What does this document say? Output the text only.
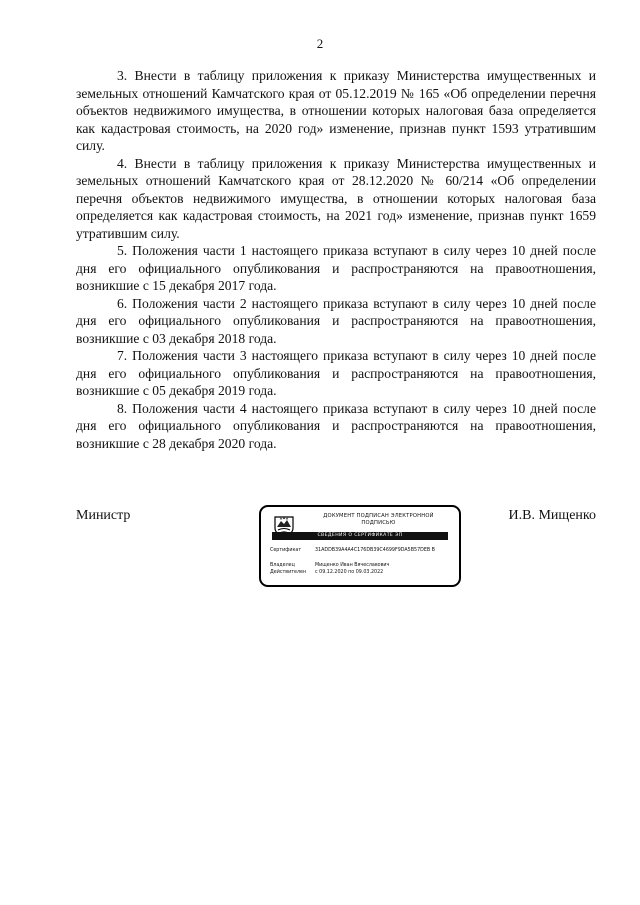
2

3. Внести в таблицу приложения к приказу Министерства имущественных и земельных отношений Камчатского края от 05.12.2019 № 165 «Об определении перечня объектов недвижимого имущества, в отношении которых налоговая база определяется как кадастровая стоимость, на 2020 год» изменение, признав пункт 1593 утратившим силу.

4. Внести в таблицу приложения к приказу Министерства имущественных и земельных отношений Камчатского края от 28.12.2020 № 60/214 «Об определении перечня объектов недвижимого имущества, в отношении которых налоговая база определяется как кадастровая стоимость, на 2021 год» изменение, признав пункт 1659 утратившим силу.

5. Положения части 1 настоящего приказа вступают в силу через 10 дней после дня его официального опубликования и распространяются на правоотношения, возникшие с 15 декабря 2017 года.

6. Положения части 2 настоящего приказа вступают в силу через 10 дней после дня его официального опубликования и распространяются на правоотношения, возникшие с 03 декабря 2018 года.

7. Положения части 3 настоящего приказа вступают в силу через 10 дней после дня его официального опубликования и распространяются на правоотношения, возникшие с 05 декабря 2019 года.

8. Положения части 4 настоящего приказа вступают в силу через 10 дней после дня его официального опубликования и распространяются на правоотношения, возникшие с 28 декабря 2020 года.

Министр	ДОКУМЕНТ ПОДПИСАН ЭЛЕКТРОННОЙ ПОДПИСЬЮ
СВЕДЕНИЯ О СЕРТИФИКАТЕ ЭП
Сертификат	31ADDB39A4A4C176DB39C4699F9DA5B57DEB B
Владелец	Мищенко Иван Вячеславович
Действителен	с 09.12.2020 по 09.03.2022
И.В. Мищенко
